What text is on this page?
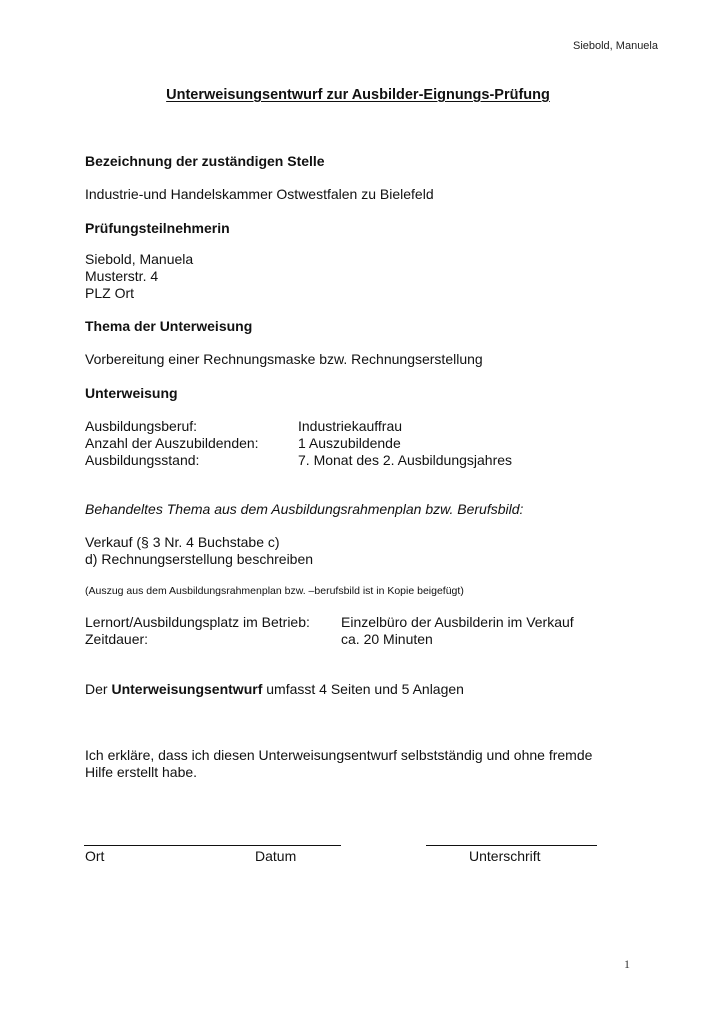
Siebold, Manuela
Unterweisungsentwurf zur Ausbilder-Eignungs-Prüfung
Bezeichnung der zuständigen Stelle
Industrie-und Handelskammer Ostwestfalen zu Bielefeld
Prüfungsteilnehmerin
Siebold, Manuela
Musterstr. 4
PLZ Ort
Thema der Unterweisung
Vorbereitung einer Rechnungsmaske bzw. Rechnungserstellung
Unterweisung
Ausbildungsberuf:	Industriekauffrau
Anzahl der Auszubildenden:	1 Auszubildende
Ausbildungsstand:	7. Monat des 2. Ausbildungsjahres
Behandeltes Thema aus dem Ausbildungsrahmenplan bzw. Berufsbild:
Verkauf (§ 3 Nr. 4 Buchstabe c)
d) Rechnungserstellung beschreiben
(Auszug aus dem Ausbildungsrahmenplan bzw. –berufsbild ist in Kopie beigefügt)
Lernort/Ausbildungsplatz im Betrieb: Einzelbüro der Ausbilderin im Verkauf
Zeitdauer:	ca. 20 Minuten
Der Unterweisungsentwurf umfasst 4 Seiten und 5 Anlagen
Ich erkläre, dass ich diesen Unterweisungsentwurf selbstständig und ohne fremde
Hilfe erstellt habe.
Ort	Datum	Unterschrift
1
